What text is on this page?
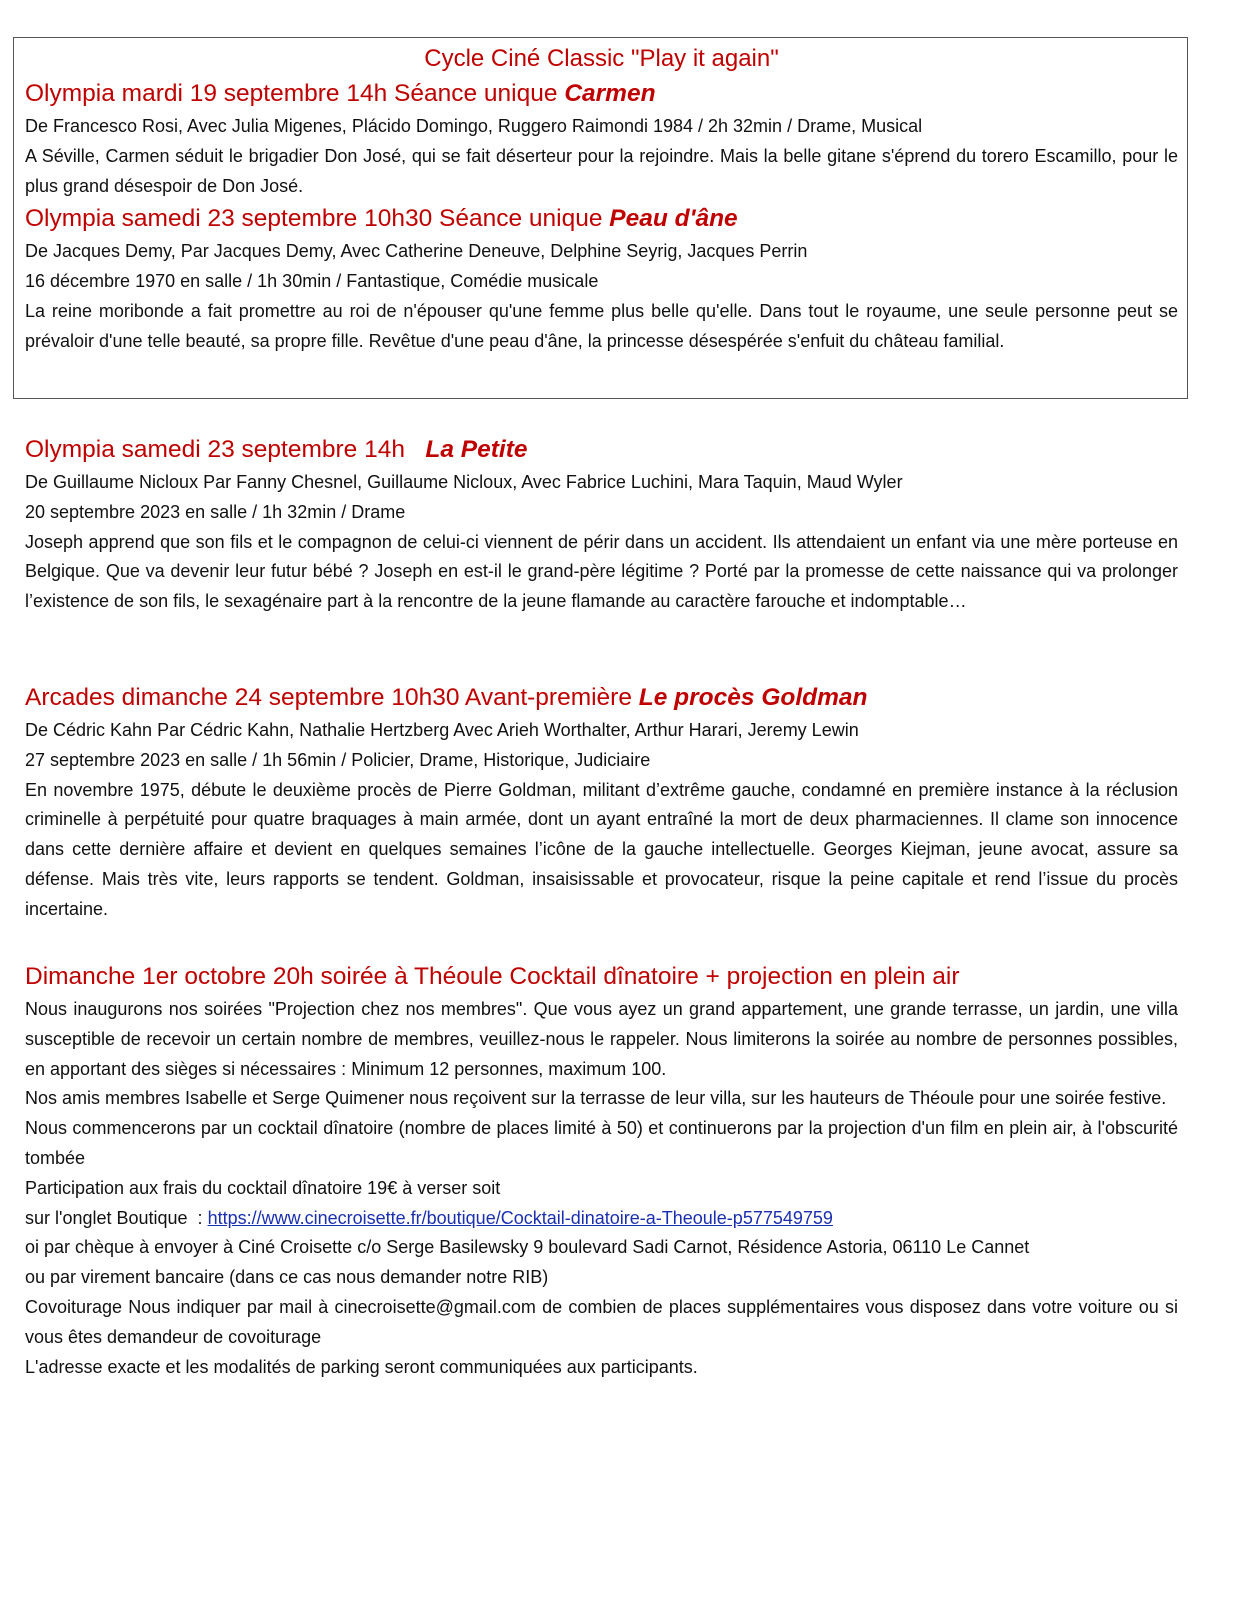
Cycle Ciné Classic "Play it again"
Olympia mardi 19 septembre 14h Séance unique Carmen

De Francesco Rosi, Avec Julia Migenes, Plácido Domingo, Ruggero Raimondi 1984 / 2h 32min / Drame, Musical

A Séville, Carmen séduit le brigadier Don José, qui se fait déserteur pour la rejoindre. Mais la belle gitane s'éprend du torero Escamillo, pour le plus grand désespoir de Don José.

Olympia samedi 23 septembre 10h30 Séance unique Peau d'âne

De Jacques Demy, Par Jacques Demy, Avec Catherine Deneuve, Delphine Seyrig, Jacques Perrin

16 décembre 1970 en salle / 1h 30min / Fantastique, Comédie musicale

La reine moribonde a fait promettre au roi de n'épouser qu'une femme plus belle qu'elle. Dans tout le royaume, une seule personne peut se prévaloir d'une telle beauté, sa propre fille. Revêtue d'une peau d'âne, la princesse désespérée s'enfuit du château familial.

Olympia samedi 23 septembre 14h   La Petite

De Guillaume Nicloux Par Fanny Chesnel, Guillaume Nicloux, Avec Fabrice Luchini, Mara Taquin, Maud Wyler

20 septembre 2023 en salle / 1h 32min / Drame

Joseph apprend que son fils et le compagnon de celui-ci viennent de périr dans un accident. Ils attendaient un enfant via une mère porteuse en Belgique. Que va devenir leur futur bébé ? Joseph en est-il le grand-père légitime ? Porté par la promesse de cette naissance qui va prolonger l’existence de son fils, le sexagénaire part à la rencontre de la jeune flamande au caractère farouche et indomptable…

Arcades dimanche 24 septembre 10h30 Avant-première Le procès Goldman

De Cédric Kahn Par Cédric Kahn, Nathalie Hertzberg Avec Arieh Worthalter, Arthur Harari, Jeremy Lewin

27 septembre 2023 en salle / 1h 56min / Policier, Drame, Historique, Judiciaire

En novembre 1975, débute le deuxième procès de Pierre Goldman, militant d’extrême gauche, condamné en première instance à la réclusion criminelle à perpétuité pour quatre braquages à main armée, dont un ayant entraîné la mort de deux pharmaciennes. Il clame son innocence dans cette dernière affaire et devient en quelques semaines l’icône de la gauche intellectuelle. Georges Kiejman, jeune avocat, assure sa défense. Mais très vite, leurs rapports se tendent. Goldman, insaisissable et provocateur, risque la peine capitale et rend l’issue du procès incertaine.

Dimanche 1er octobre 20h soirée à Théoule Cocktail dînatoire + projection en plein air

Nous inaugurons nos soirées "Projection chez nos membres". Que vous ayez un grand appartement, une grande terrasse, un jardin, une villa susceptible de recevoir un certain nombre de membres, veuillez-nous le rappeler. Nous limiterons la soirée au nombre de personnes possibles, en apportant des sièges si nécessaires : Minimum 12 personnes, maximum 100.

Nos amis membres Isabelle et Serge Quimener nous reçoivent sur la terrasse de leur villa, sur les hauteurs de Théoule pour une soirée festive.

Nous commencerons par un cocktail dînatoire (nombre de places limité à 50) et continuerons par la projection d'un film en plein air, à l'obscurité tombée

Participation aux frais du cocktail dînatoire 19€ à verser soit

sur l'onglet Boutique  : https://www.cinecroisette.fr/boutique/Cocktail-dinatoire-a-Theoule-p577549759

oi par chèque à envoyer à Ciné Croisette c/o Serge Basilewsky 9 boulevard Sadi Carnot, Résidence Astoria, 06110 Le Cannet

ou par virement bancaire (dans ce cas nous demander notre RIB)

Covoiturage Nous indiquer par mail à cinecroisette@gmail.com de combien de places supplémentaires vous disposez dans votre voiture ou si vous êtes demandeur de covoiturage

L'adresse exacte et les modalités de parking seront communiquées aux participants.
